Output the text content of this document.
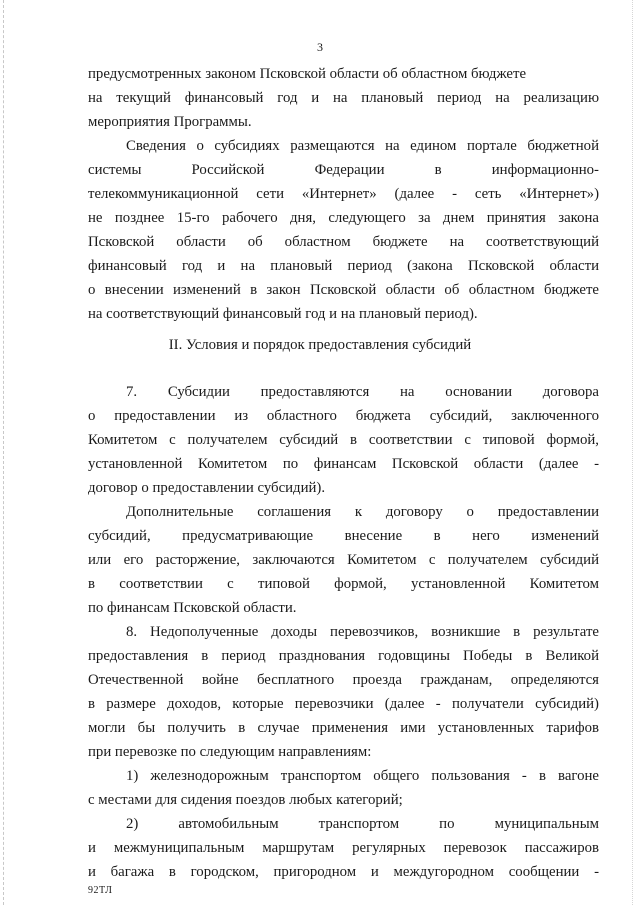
3
предусмотренных законом Псковской области об областном бюджете
на текущий финансовый год и на плановый период на реализацию
мероприятия Программы.
Сведения о субсидиях размещаются на едином портале бюджетной
системы Российской Федерации в информационно-
телекоммуникационной сети «Интернет» (далее - сеть «Интернет»)
не позднее 15-го рабочего дня, следующего за днем принятия закона
Псковской области об областном бюджете на соответствующий
финансовый год и на плановый период (закона Псковской области
о внесении изменений в закон Псковской области об областном бюджете
на соответствующий финансовый год и на плановый период).
II. Условия и порядок предоставления субсидий
7. Субсидии предоставляются на основании договора
о предоставлении из областного бюджета субсидий, заключенного
Комитетом с получателем субсидий в соответствии с типовой формой,
установленной Комитетом по финансам Псковской области (далее -
договор о предоставлении субсидий).
Дополнительные соглашения к договору о предоставлении
субсидий, предусматривающие внесение в него изменений
или его расторжение, заключаются Комитетом с получателем субсидий
в соответствии с типовой формой, установленной Комитетом
по финансам Псковской области.
8. Недополученные доходы перевозчиков, возникшие в результате
предоставления в период празднования годовщины Победы в Великой
Отечественной войне бесплатного проезда гражданам, определяются
в размере доходов, которые перевозчики (далее - получатели субсидий)
могли бы получить в случае применения ими установленных тарифов
при перевозке по следующим направлениям:
1) железнодорожным транспортом общего пользования - в вагоне
с местами для сидения поездов любых категорий;
2) автомобильным транспортом по муниципальным
и межмуниципальным маршрутам регулярных перевозок пассажиров
и багажа в городском, пригородном и междугородном сообщении -
92ТЛ
